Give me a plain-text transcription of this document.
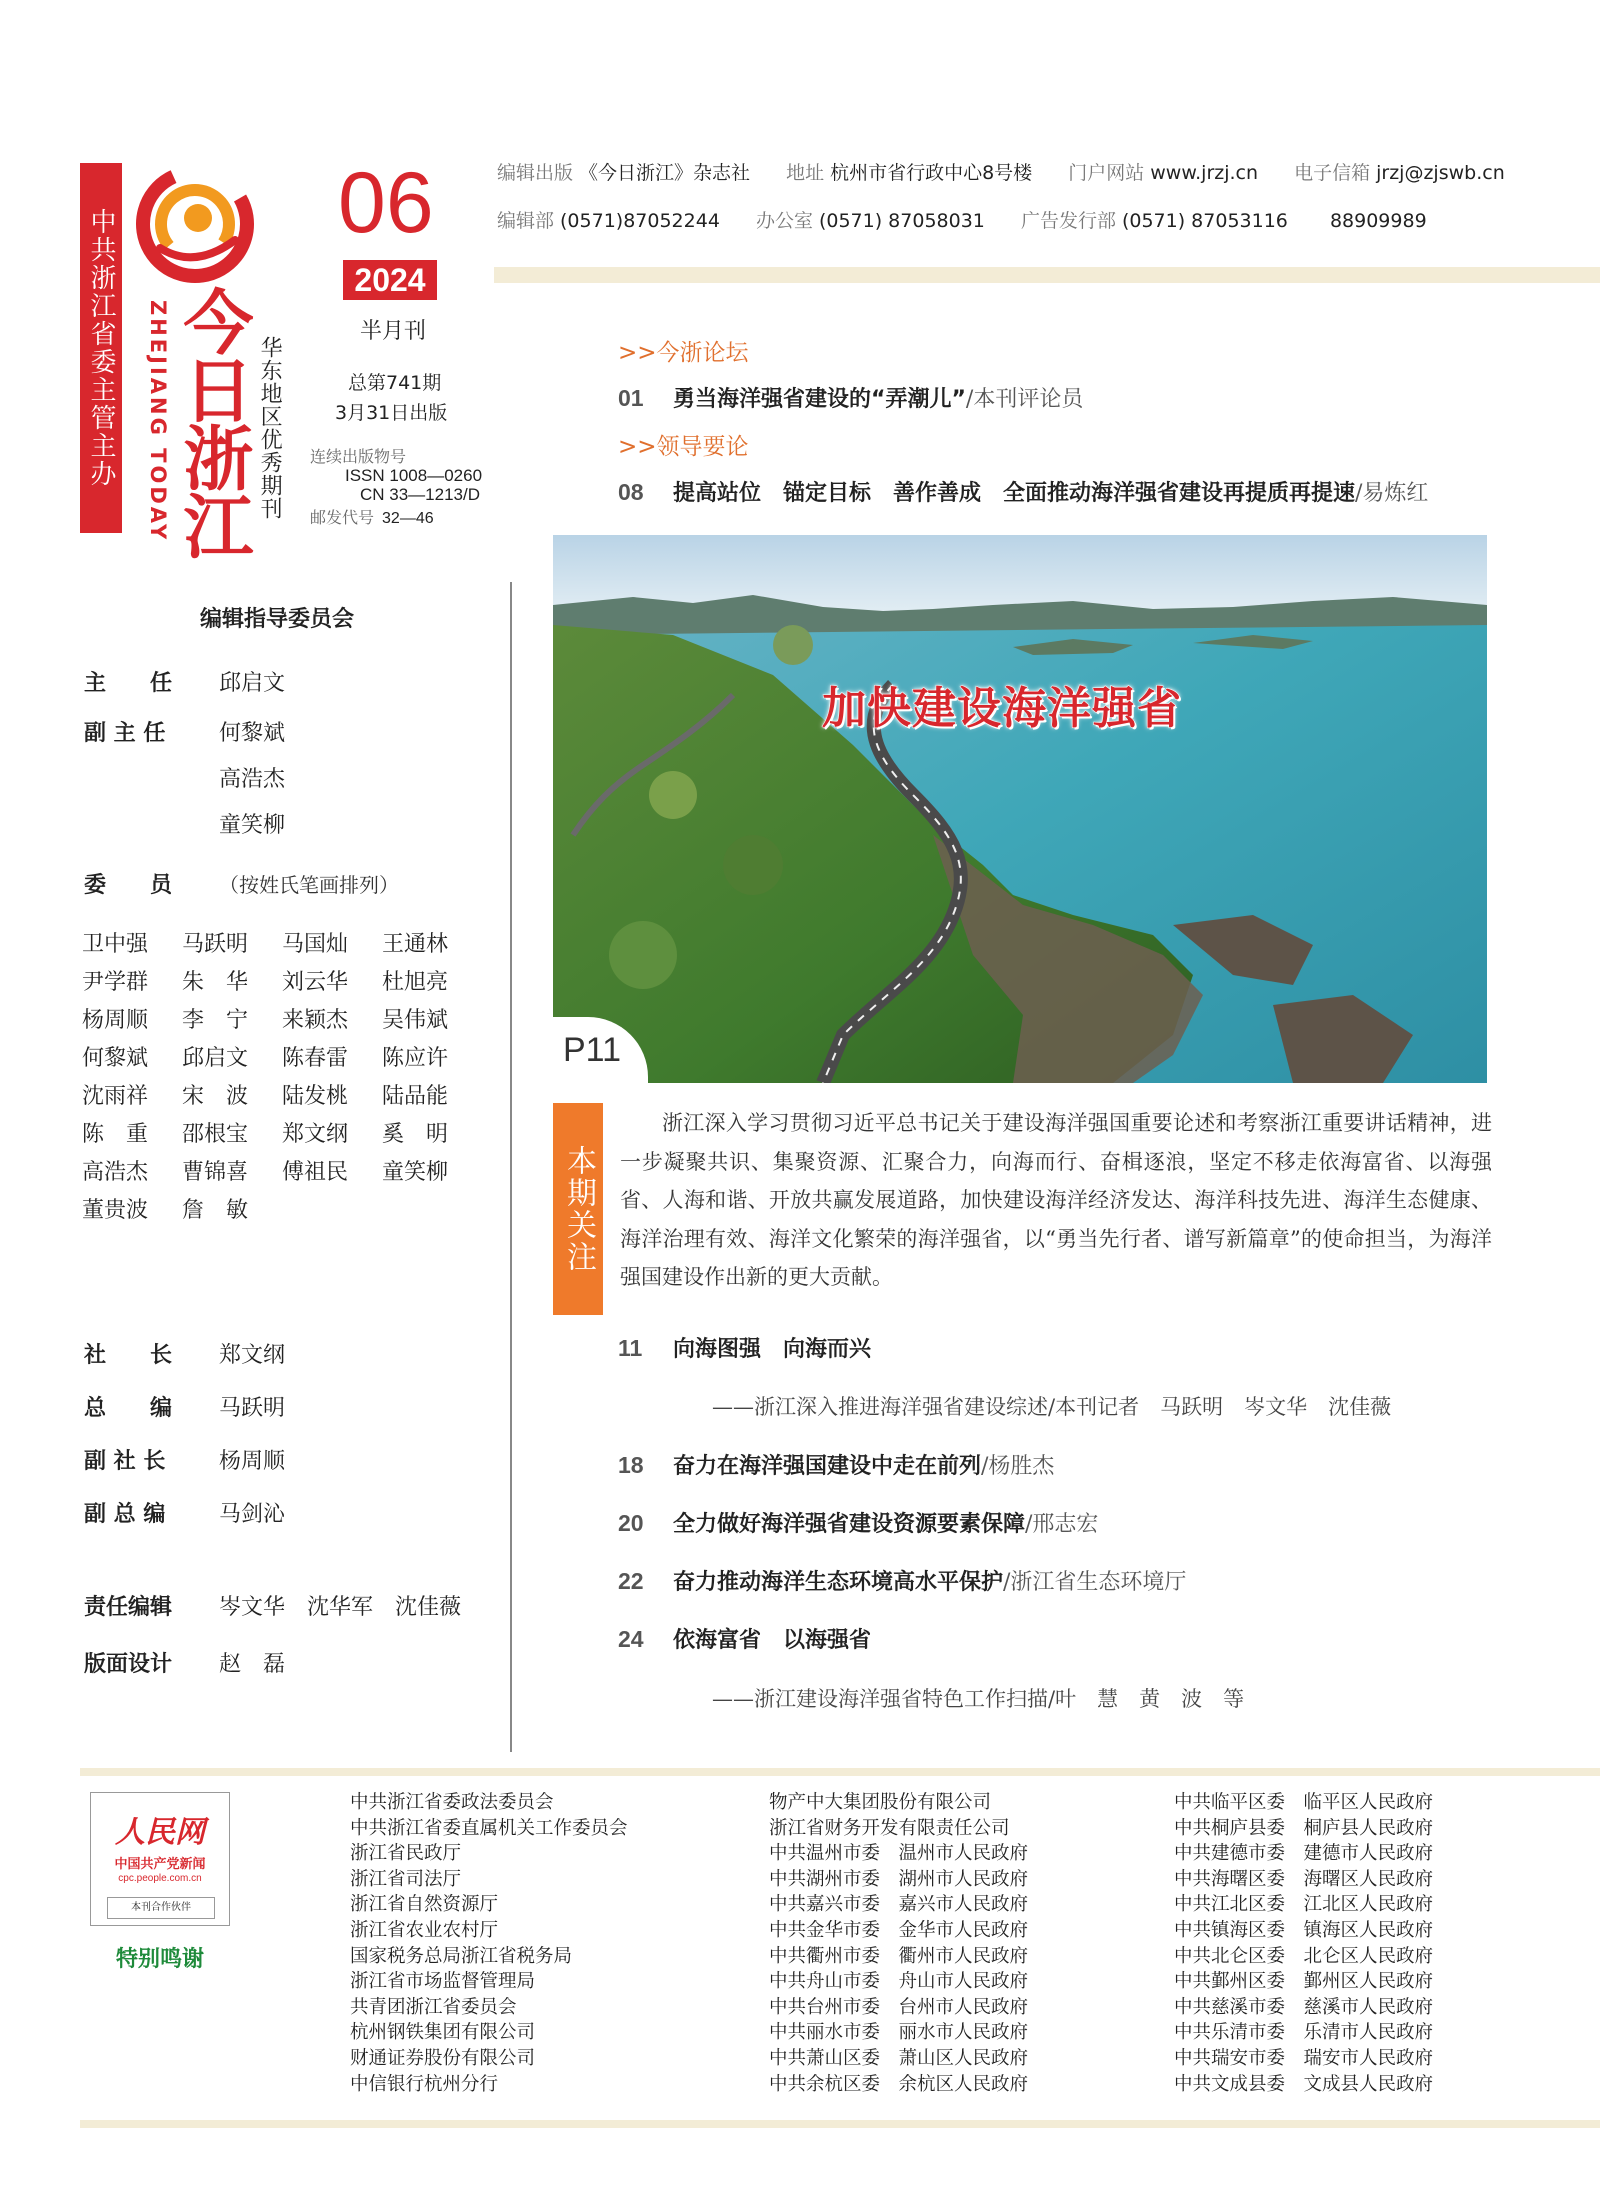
中共浙江省委主管主办 今日浙江
ZHEJIANG TODAY	华东地区优秀期刊
06
2024
半月刊
总第741期
3月31日出版
连续出版物号
ISSN 1008—0260
CN 33—1213/D
邮发代号 32—46
编辑出版 《今日浙江》杂志社 地址 杭州市省行政中心8号楼 门户网站 www.jrzj.cn 电子信箱 jrzj@zjswb.cn
编辑部 (0571)87052244 办公室 (0571) 87058031 广告发行部 (0571) 87053116 88909989
编辑指导委员会
主　　任 邱启文
副 主 任 何黎斌
高浩杰
童笑柳
委　　员 （按姓氏笔画排列）
卫中强	马跃明	马国灿	王通林
尹学群	朱　华	刘云华	杜旭亮
杨周顺	李　宁	来颖杰	吴伟斌
何黎斌	邱启文	陈春雷	陈应许
沈雨祥	宋　波	陆发桃	陆品能
陈　重	邵根宝	郑文纲	奚　明
高浩杰	曹锦喜	傅祖民	童笑柳
董贵波	詹　敏
社　　长 郑文纲
总　　编 马跃明
副 社 长 杨周顺
副 总 编 马剑沁
责任编辑 岑文华 沈华军 沈佳薇
版面设计 赵　磊
>>今浙论坛
01 勇当海洋强省建设的“弄潮儿”/本刊评论员
>>领导要论
08 提高站位　锚定目标　善作善成　全面推动海洋强省建设再提质再提速/易炼红
加快建设海洋强省
P11
本期关注

浙江深入学习贯彻习近平总书记关于建设海洋强国重要论述和考察浙江重要讲话精神，进一步凝聚共识、集聚资源、汇聚合力，向海而行、奋楫逐浪，坚定不移走依海富省、以海强省、人海和谐、开放共赢发展道路，加快建设海洋经济发达、海洋科技先进、海洋生态健康、海洋治理有效、海洋文化繁荣的海洋强省，以“勇当先行者、谱写新篇章”的使命担当，为海洋强国建设作出新的更大贡献。

11 向海图强　向海而兴
——浙江深入推进海洋强省建设综述/本刊记者　马跃明　岑文华　沈佳薇
18 奋力在海洋强国建设中走在前列/杨胜杰
20 全力做好海洋强省建设资源要素保障/邢志宏
22 奋力推动海洋生态环境高水平保护/浙江省生态环境厅
24 依海富省　以海强省
——浙江建设海洋强省特色工作扫描/叶　慧　黄　波　等
人民网
中国共产党新闻
cpc.people.com.cn
本刊合作伙伴
特别鸣谢
中共浙江省委政法委员会
中共浙江省委直属机关工作委员会
浙江省民政厅
浙江省司法厅
浙江省自然资源厅
浙江省农业农村厅
国家税务总局浙江省税务局
浙江省市场监督管理局
共青团浙江省委员会
杭州钢铁集团有限公司
财通证券股份有限公司
中信银行杭州分行
物产中大集团股份有限公司
浙江省财务开发有限责任公司
中共温州市委　温州市人民政府
中共湖州市委　湖州市人民政府
中共嘉兴市委　嘉兴市人民政府
中共金华市委　金华市人民政府
中共衢州市委　衢州市人民政府
中共舟山市委　舟山市人民政府
中共台州市委　台州市人民政府
中共丽水市委　丽水市人民政府
中共萧山区委　萧山区人民政府
中共余杭区委　余杭区人民政府
中共临平区委　临平区人民政府
中共桐庐县委　桐庐县人民政府
中共建德市委　建德市人民政府
中共海曙区委　海曙区人民政府
中共江北区委　江北区人民政府
中共镇海区委　镇海区人民政府
中共北仑区委　北仑区人民政府
中共鄞州区委　鄞州区人民政府
中共慈溪市委　慈溪市人民政府
中共乐清市委　乐清市人民政府
中共瑞安市委　瑞安市人民政府
中共文成县委　文成县人民政府
